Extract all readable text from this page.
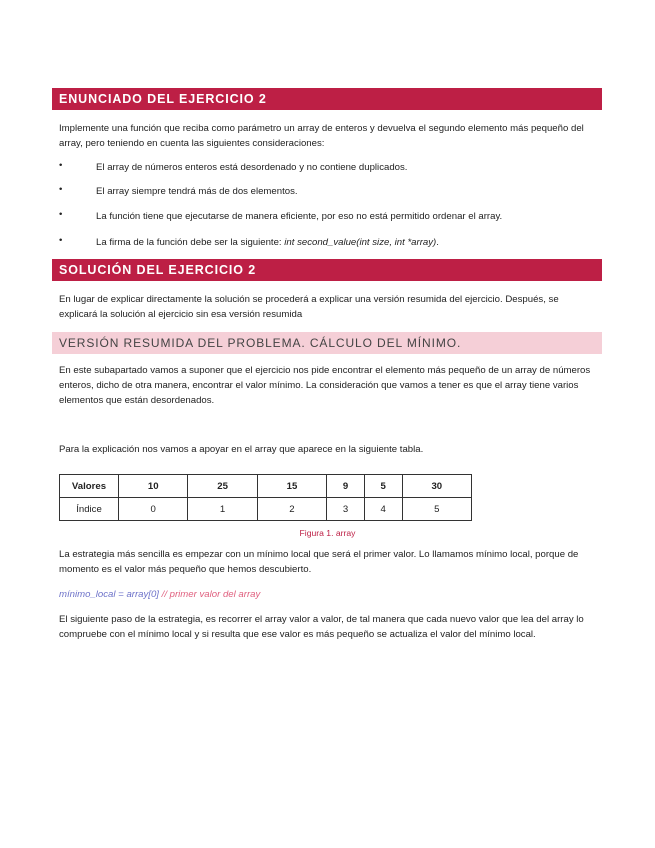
ENUNCIADO DEL EJERCICIO 2
Implemente una función que reciba como parámetro un array de enteros y devuelva el segundo elemento más pequeño del array, pero teniendo en cuenta las siguientes consideraciones:
•	El array de números enteros está desordenado y no contiene duplicados.
•	El array siempre tendrá más de dos elementos.
•	La función tiene que ejecutarse de manera eficiente, por eso no está permitido ordenar el array.
•	La firma de la función debe ser la siguiente: int second_value(int size, int *array).
SOLUCIÓN DEL EJERCICIO 2
En lugar de explicar directamente la solución se procederá a explicar una versión resumida del ejercicio. Después, se explicará la solución al ejercicio sin esa versión resumida
VERSIÓN RESUMIDA DEL PROBLEMA. CÁLCULO DEL MÍNIMO.
En este subapartado vamos a suponer que el ejercicio nos pide encontrar el elemento más pequeño de un array de números enteros, dicho de otra manera, encontrar el valor mínimo. La consideración que vamos a tener es que el array tiene varios elementos que están desordenados.
Para la explicación nos vamos a apoyar en el array que aparece en la siguiente tabla.
Valores	10	25	15	9	5	30
Índice	0	1	2	3	4	5
Figura 1. array
La estrategia más sencilla es empezar con un mínimo local que será el primer valor. Lo llamamos mínimo local, porque de momento es el valor más pequeño que hemos descubierto.
mínimo_local = array[0] // primer valor del array
El siguiente paso de la estrategia, es recorrer el array valor a valor, de tal manera que cada nuevo valor que lea del array lo compruebe con el mínimo local y si resulta que ese valor es más pequeño se actualiza el valor del mínimo local.
